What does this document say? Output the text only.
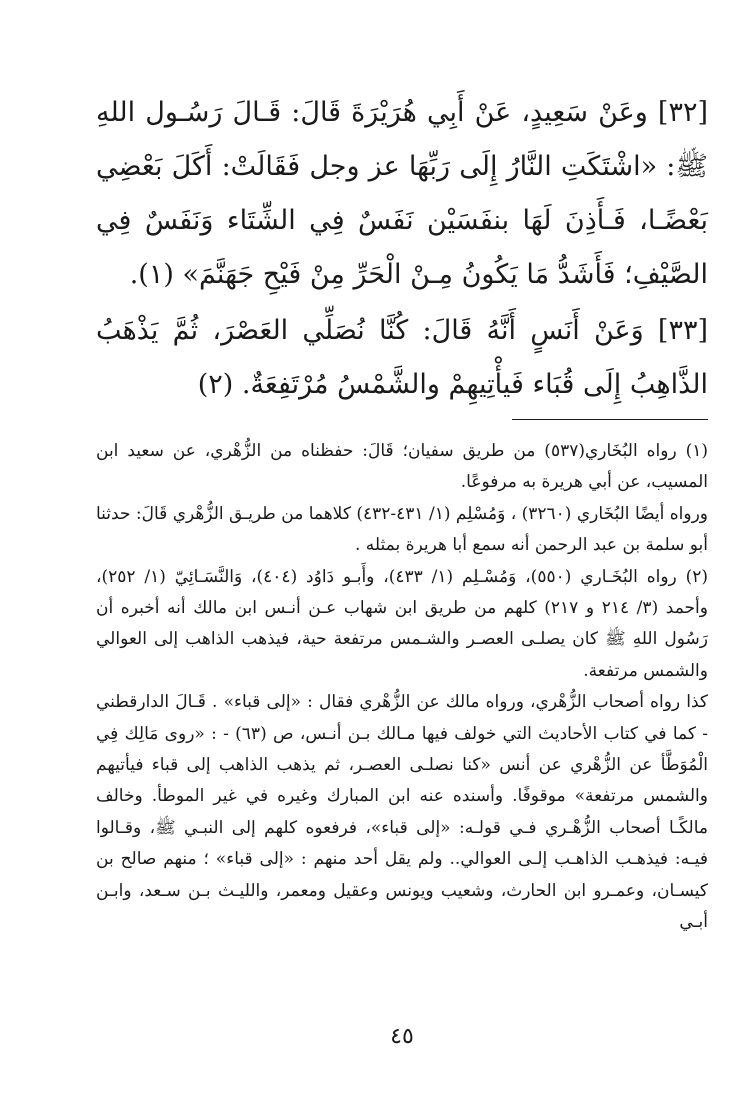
[٣٢] وعَنْ سَعِيدٍ، عَنْ أَبِي هُرَيْرَةَ قَالَ: قَـالَ رَسُـول اللهِ ﷺ: «اشْتَكَتِ النَّارُ إِلَى رَبِّهَا عز وجل فَقَالَتْ: أَكَلَ بَعْضِي بَعْضًـا، فَـأَذِنَ لَهَا بنفَسَيْن نَفَسٌ فِي الشِّتَاء وَنَفَسٌ فِي الصَّيْفِ؛ فَأَشَدُّ مَا يَكُونُ مِـنْ الْحَرِّ مِنْ فَيْحِ جَهَنَّمَ» (١).

[٣٣] وَعَنْ أَنَسٍ أَنَّهُ قَالَ: كُنَّا نُصَلِّي العَصْرَ، ثُمَّ يَذْهَبُ الذَّاهِبُ إِلَى قُبَاء فَيأْتِيهِمْ والشَّمْسُ مُرْتَفِعَةٌ. (٢)

(١) رواه البُخَاري(٥٣٧) من طريق سفيان؛ قَالَ: حفظناه من الزُّهْري، عن سعيد ابن المسيب، عن أبي هريرة به مرفوعًا.

ورواه أيضًا البُخَاري (٣٢٦٠) ، وَمُسْلِم (١/ ٤٣١-٤٣٢) كلاهما من طريـق الزُّهْري قَالَ: حدثنا أبو سلمة بن عبد الرحمن أنه سمع أبا هريرة بمثله .

(٢) رواه البُخَـاري (٥٥٠)، وَمُسْـلِم (١/ ٤٣٣)، وأَبـو دَاوُد (٤٠٤)، وَالنَّسَـائِيّ (١/ ٢٥٢)، وأحمد (٣/ ٢١٤ و ٢١٧) كلهم من طريق ابن شهاب عـن أنـس ابن مالك أنه أخبره أن رَسُول اللهِ ﷺ كان يصلـى العصـر والشـمس مرتفعة حية، فيذهب الذاهب إلى العوالي والشمس مرتفعة.

كذا رواه أصحاب الزُّهْري، ورواه مالك عن الزُّهْري فقال : «إلى قباء» . قَـالَ الدارقطني - كما في كتاب الأحاديث التي خولف فيها مـالك بـن أنـس، ص (٦٣) - : «روى مَالِك فِي الْمُوَطَّأ عن الزُّهْري عن أنس «كنا نصلـى العصـر، ثم يذهب الذاهب إلى قباء فيأتيهم والشمس مرتفعة» موقوفًا. وأسنده عنه ابن المبارك وغيره في غير الموطأ. وخالف مالكًـا أصحاب الزُّهْـري فـي قولـه: «إلى قباء»، فرفعوه كلهم إلى النبـي ﷺ، وقـالوا فيـه: فيذهـب الذاهـب إلـى العوالي.. ولم يقل أحد منهم : «إلى قباء» ؛ منهم صالح بن كيسـان، وعمـرو ابن الحارث، وشعيب ويونس وعقيل ومعمر، والليـث بـن سـعد، وابـن أبـي

٤٥
